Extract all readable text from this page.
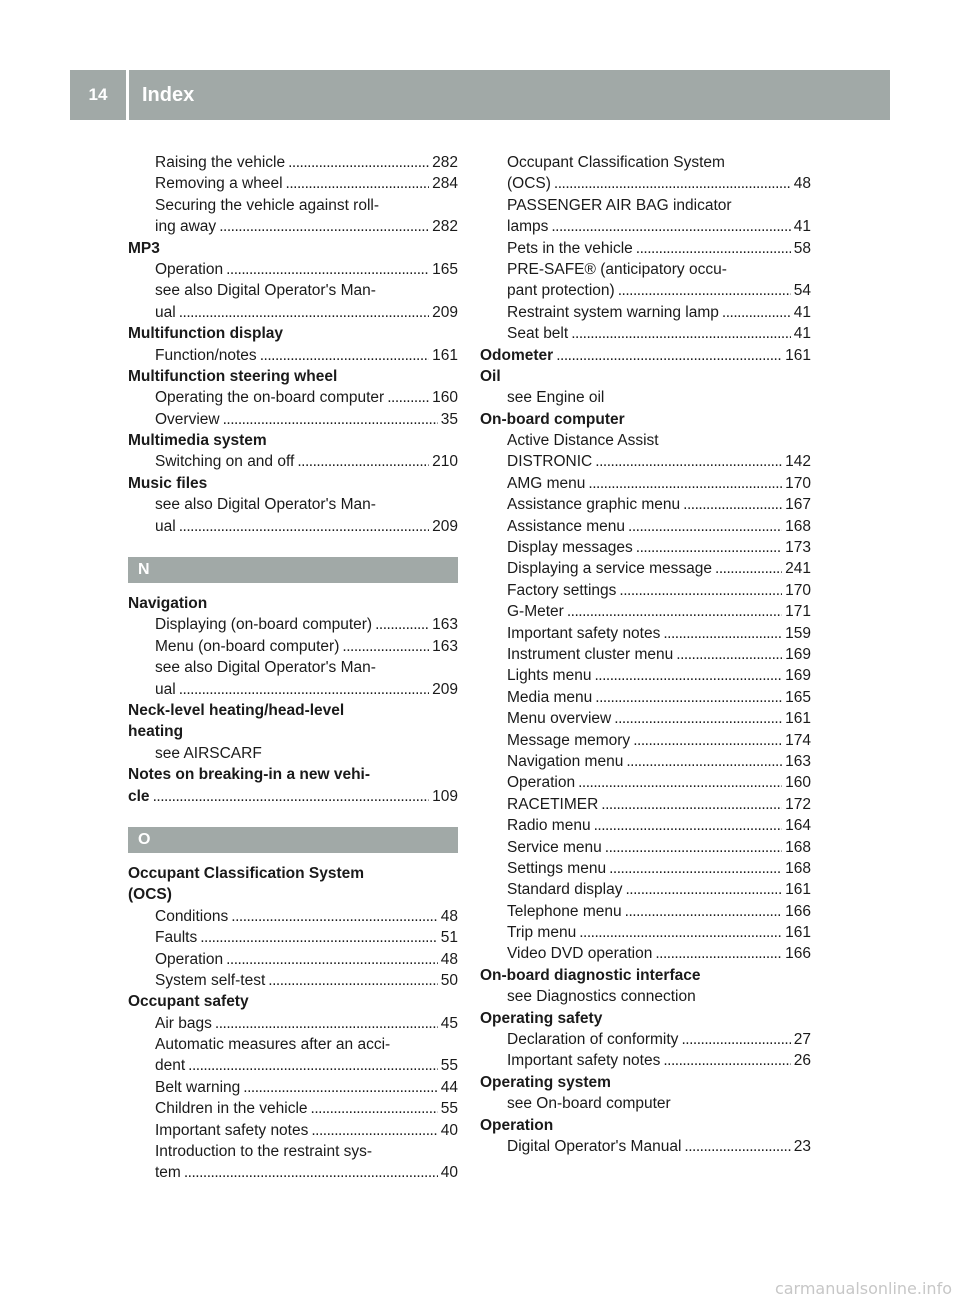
14	Index
Raising the vehicle . . .	282
Removing a wheel . . .	284
Securing the vehicle against roll-
ing away . . .	282
MP3
Operation . . .	165
see also Digital Operator's Man-
ual . . .	209
Multifunction display
Function/notes . . .	161
Multifunction steering wheel
Operating the on-board computer . . .	160
Overview . . .	35
Multimedia system
Switching on and off . . .	210
Music files
see also Digital Operator's Man-
ual . . .	209
N
Navigation
Displaying (on-board computer) . . .	163
Menu (on-board computer) . . .	163
see also Digital Operator's Man-
ual . . .	209
Neck-level heating/head-level
heating
see AIRSCARF
Notes on breaking-in a new vehi-
cle . . .	109
O
Occupant Classification System
(OCS)
Conditions . . .	48
Faults . . .	51
Operation . . .	48
System self-test . . .	50
Occupant safety
Air bags . . .	45
Automatic measures after an acci-
dent . . .	55
Belt warning . . .	44
Children in the vehicle . . .	55
Important safety notes . . .	40
Introduction to the restraint sys-
tem . . .	40
Occupant Classification System
(OCS) . . .	48
PASSENGER AIR BAG indicator
lamps . . .	41
Pets in the vehicle . . .	58
PRE-SAFE® (anticipatory occu-
pant protection) . . .	54
Restraint system warning lamp . . .	41
Seat belt . . .	41
Odometer . . .	161
Oil
see Engine oil
On-board computer
Active Distance Assist
DISTRONIC . . .	142
AMG menu . . .	170
Assistance graphic menu . . .	167
Assistance menu . . .	168
Display messages . . .	173
Displaying a service message . . .	241
Factory settings . . .	170
G-Meter . . .	171
Important safety notes . . .	159
Instrument cluster menu . . .	169
Lights menu . . .	169
Media menu . . .	165
Menu overview . . .	161
Message memory . . .	174
Navigation menu . . .	163
Operation . . .	160
RACETIMER . . .	172
Radio menu . . .	164
Service menu . . .	168
Settings menu . . .	168
Standard display . . .	161
Telephone menu . . .	166
Trip menu . . .	161
Video DVD operation . . .	166
On-board diagnostic interface
see Diagnostics connection
Operating safety
Declaration of conformity . . .	27
Important safety notes . . .	26
Operating system
see On-board computer
Operation
Digital Operator's Manual . . .	23
carmanualsonline.info
